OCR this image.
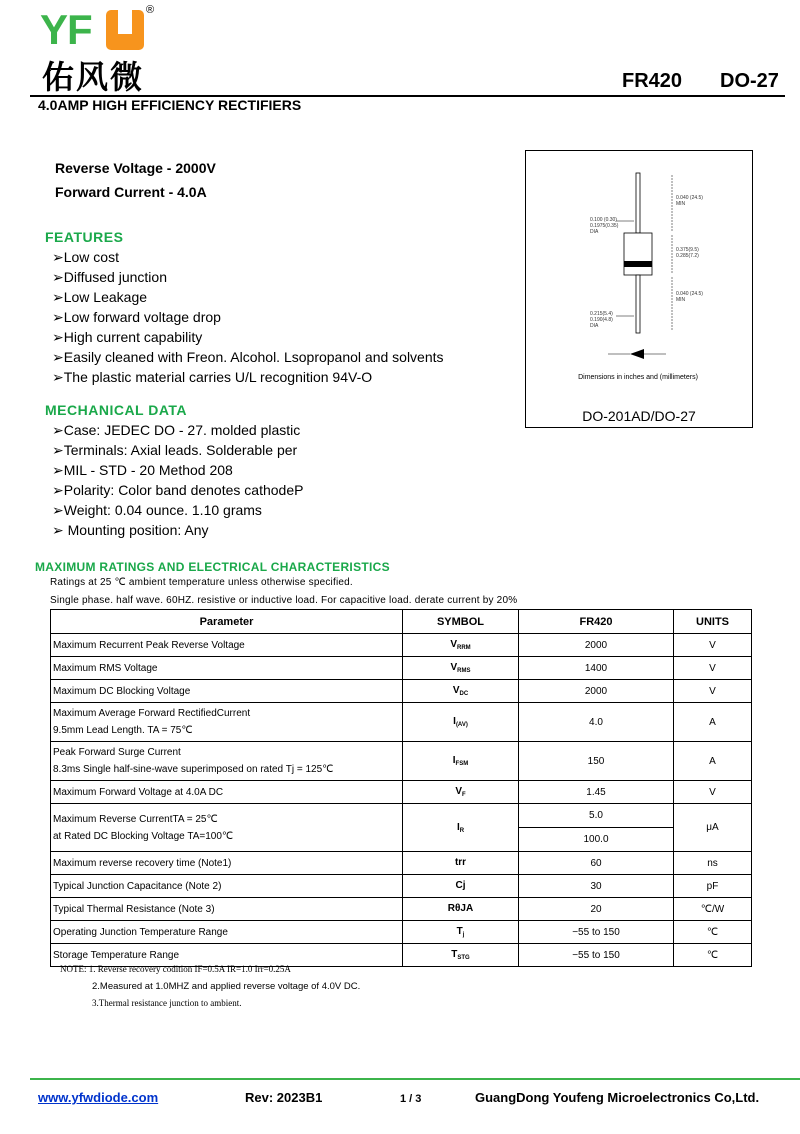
YF	®
佑风微	FR420 DO-27
4.0AMP HIGH EFFICIENCY RECTIFIERS
Reverse Voltage - 2000V
Forward Current - 4.0A
FEATURES
➢Low cost
➢Diffused junction
➢Low Leakage
➢Low forward voltage drop
➢High current capability
➢Easily cleaned with Freon. Alcohol. Lsopropanol and solvents
➢The plastic material carries U/L recognition 94V-O
MECHANICAL DATA
➢Case: JEDEC DO - 27. molded plastic
➢Terminals: Axial leads. Solderable per
➢MIL - STD - 20 Method 208
➢Polarity: Color band denotes cathodeP
➢Weight: 0.04 ounce. 1.10 grams
➢ Mounting position: Any
Dimensions in inches and (millimeters)
0.040 (24.5)
MIN
0.100 (0.30)
0.1975(0.35)
DIA
0.375(9.5)
0.285(7.2)
0.040 (24.5)
MIN
0.215(5.4)
0.190(4.8)
DIA
DO-201AD/DO-27
MAXIMUM RATINGS AND ELECTRICAL CHARACTERISTICS
Ratings at 25 ℃ ambient temperature unless otherwise specified.
Single phase. half wave. 60HZ. resistive or inductive load. For capacitive load. derate current by 20%
Parameter	SYMBOL	FR420	UNITS
Maximum Recurrent Peak Reverse Voltage	$V_{RRM}$	2000	V
Maximum RMS Voltage	$V_{RMS}$	1400	V
Maximum DC Blocking Voltage	$V_{DC}$	2000	V

Maximum Average Forward RectifiedCurrent
9.5mm Lead Length. TA = 75℃	$I_{(AV)}$	4.0	A

Peak Forward Surge Current
8.3ms Single half-sine-wave superimposed on rated Tj = 125℃	$I_{FSM}$	150	A
Maximum Forward Voltage at 4.0A DC	$V_F$	1.45	V

Maximum Reverse CurrentTA = 25℃
at Rated DC Blocking Voltage TA=100℃	$I_R$	5.0	μA
		100.0	
Maximum reverse recovery time (Note1)	trr	60	ns
Typical Junction Capacitance (Note 2)	Cj	30	pF
Typical Thermal Resistance (Note 3)	RθJA	20	℃/W
Operating Junction Temperature Range	$T_j$	−55 to 150	℃
Storage Temperature Range	$T_{STG}$	−55 to 150	℃
NOTE: 1. Reverse recovery codition IF=0.5A IR=1.0 Irr=0.25A
2.Measured at 1.0MHZ and applied reverse voltage of 4.0V DC.
3.Thermal resistance junction to ambient.
www.yfwdiode.com	Rev: 2023B1	1 / 3	GuangDong Youfeng Microelectronics Co,Ltd.
